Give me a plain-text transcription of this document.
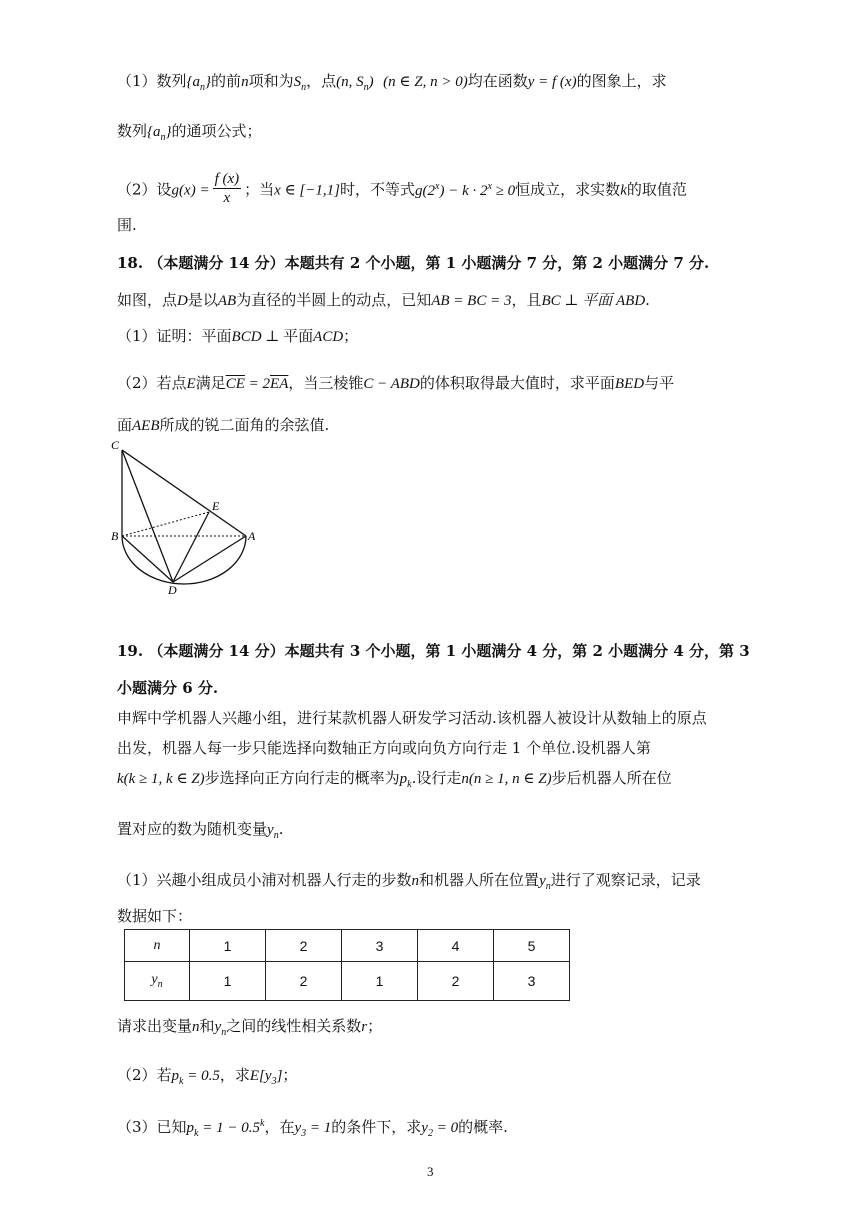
（1）数列$\{a_n\}$的前n项和为$S_n$，点(n, $S_n$) (n ∈ Z, n > 0)均在函数y = f (x)的图象上，求
数列$\{a_n\}$的通项公式；
（2）设$g(x) = \frac{f (x)}{x}$ ；当x ∈ [−1,1]时，不等式$g(2^x) - k \cdot 2^x \ge 0$恒成立，求实数k的取值范
围.
18. （本题满分 14 分）本题共有 2 个小题，第 1 小题满分 7 分，第 2 小题满分 7 分.
如图，点D是以AB为直径的半圆上的动点，已知AB = BC = 3，且BC ⊥ 平面 ABD.
（1）证明：平面BCD ⊥ 平面ACD；
（2）若点E满足$\overline{CE} = 2\overline{EA}$，当三棱锥C − ABD的体积取得最大值时，求平面BED与平
面AEB所成的锐二面角的余弦值.
C
E
B	A
D
19. （本题满分 14 分）本题共有 3 个小题，第 1 小题满分 4 分，第 2 小题满分 4 分，第 3
小题满分 6 分.
申辉中学机器人兴趣小组，进行某款机器人研发学习活动.该机器人被设计从数轴上的原点
出发，机器人每一步只能选择向数轴正方向或向负方向行走 1 个单位.设机器人第
k(k ≥ 1, k ∈ Z)步选择向正方向行走的概率为$p_k$.设行走n(n ≥ 1, n ∈ Z)步后机器人所在位
置对应的数为随机变量$y_n$.
（1）兴趣小组成员小浦对机器人行走的步数n和机器人所在位置$y_n$进行了观察记录，记录
数据如下：
n	1	2	3	4	5
$y_n$	1	2	1	2	3
请求出变量n和$y_n$之间的线性相关系数r；
（2）若$p_k = 0.5$，求$E[y_3]$；
（3）已知$p_k = 1 - 0.5^k$，在$y_3 = 1$的条件下，求$y_2 = 0$的概率.
3
